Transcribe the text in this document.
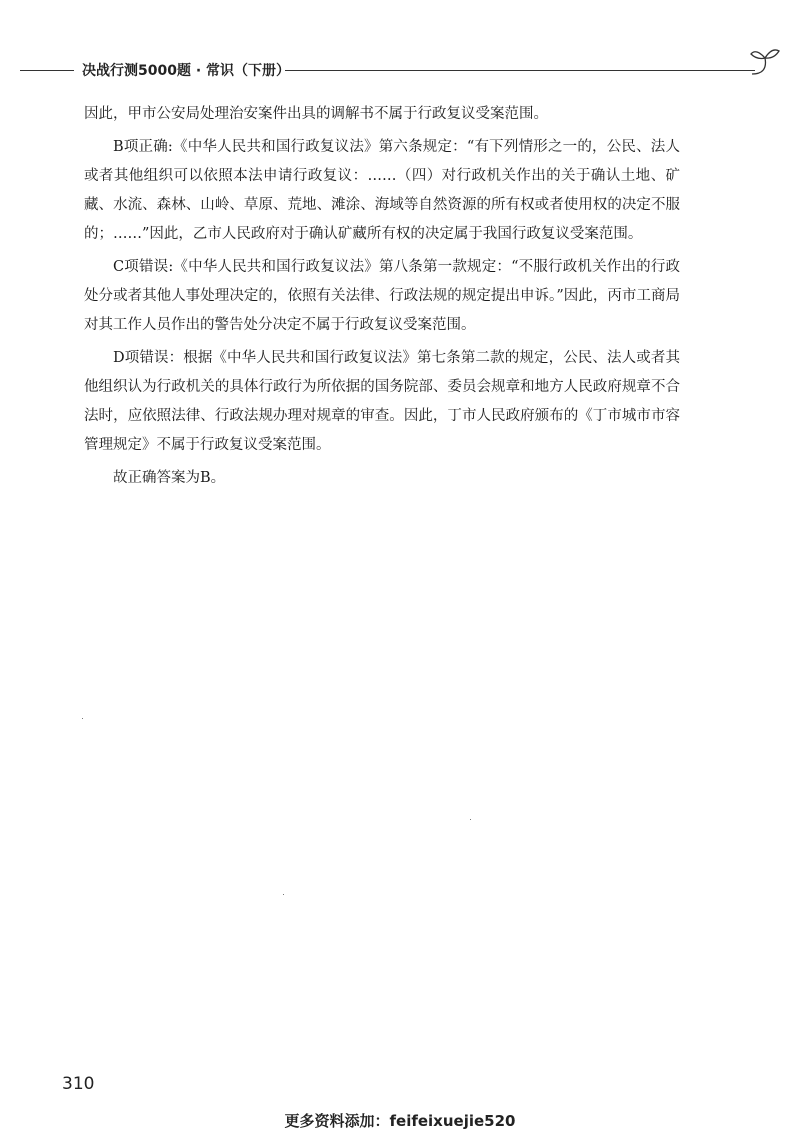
决战行测5000题 · 常识（下册）

因此，甲市公安局处理治安案件出具的调解书不属于行政复议受案范围。

B项正确:《中华人民共和国行政复议法》第六条规定：“有下列情形之一的，公民、法人或者其他组织可以依照本法申请行政复议：……（四）对行政机关作出的关于确认土地、矿藏、水流、森林、山岭、草原、荒地、滩涂、海域等自然资源的所有权或者使用权的决定不服的；……”因此，乙市人民政府对于确认矿藏所有权的决定属于我国行政复议受案范围。

C项错误:《中华人民共和国行政复议法》第八条第一款规定：“不服行政机关作出的行政处分或者其他人事处理决定的，依照有关法律、行政法规的规定提出申诉。”因此，丙市工商局对其工作人员作出的警告处分决定不属于行政复议受案范围。

D项错误：根据《中华人民共和国行政复议法》第七条第二款的规定，公民、法人或者其他组织认为行政机关的具体行政行为所依据的国务院部、委员会规章和地方人民政府规章不合法时，应依照法律、行政法规办理对规章的审查。因此，丁市人民政府颁布的《丁市城市市容管理规定》不属于行政复议受案范围。

故正确答案为B。

310
更多资料添加：feifeixuejie520
